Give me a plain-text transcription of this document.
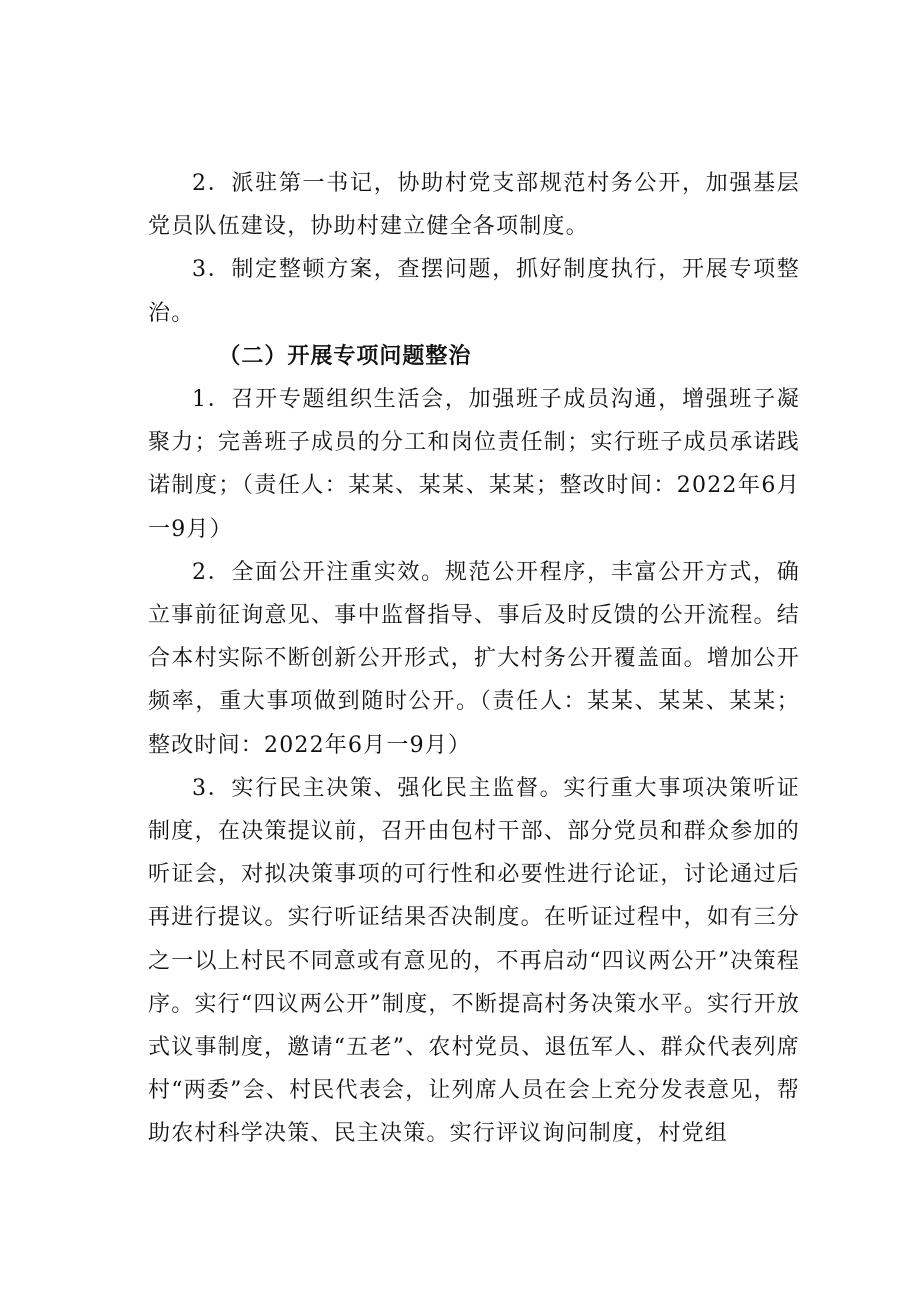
2．派驻第一书记，协助村党支部规范村务公开，加强基层党员队伍建设，协助村建立健全各项制度。

3．制定整顿方案，查摆问题，抓好制度执行，开展专项整治。

（二）开展专项问题整治

1．召开专题组织生活会，加强班子成员沟通，增强班子凝聚力；完善班子成员的分工和岗位责任制；实行班子成员承诺践诺制度；（责任人：某某、某某、某某；整改时间：2022年6月一9月）

2．全面公开注重实效。规范公开程序，丰富公开方式，确立事前征询意见、事中监督指导、事后及时反馈的公开流程。结合本村实际不断创新公开形式，扩大村务公开覆盖面。增加公开频率，重大事项做到随时公开。（责任人：某某、某某、某某；整改时间：2022年6月一9月）

3．实行民主决策、强化民主监督。实行重大事项决策听证制度，在决策提议前，召开由包村干部、部分党员和群众参加的听证会，对拟决策事项的可行性和必要性进行论证，讨论通过后再进行提议。实行听证结果否决制度。在听证过程中，如有三分之一以上村民不同意或有意见的，不再启动“四议两公开”决策程序。实行“四议两公开”制度，不断提高村务决策水平。实行开放式议事制度，邀请“五老”、农村党员、退伍军人、群众代表列席村“两委”会、村民代表会，让列席人员在会上充分发表意见，帮助农村科学决策、民主决策。实行评议询问制度，村党组
